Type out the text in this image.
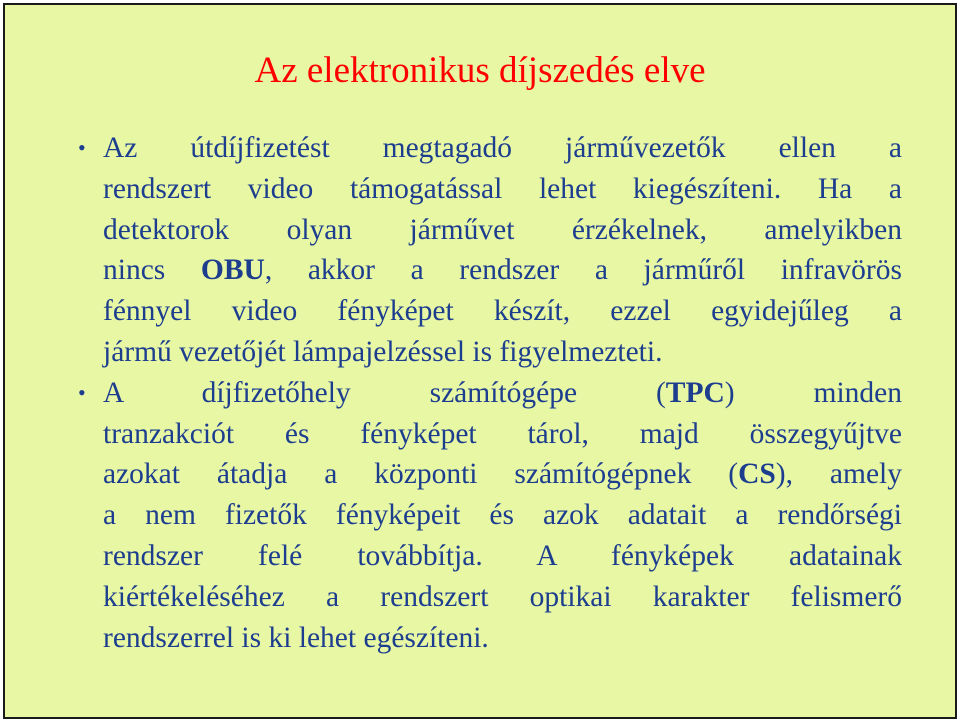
Az elektronikus díjszedés elve
• Az útdíjfizetést megtagadó járművezetők ellen a
rendszert video támogatással lehet kiegészíteni. Ha a
detektorok olyan járművet érzékelnek, amelyikben
nincs OBU, akkor a rendszer a járműről infravörös
fénnyel video fényképet készít, ezzel egyidejűleg a
jármű vezetőjét lámpajelzéssel is figyelmezteti.

• A díjfizetőhely számítógépe (TPC) minden
tranzakciót és fényképet tárol, majd összegyűjtve
azokat átadja a központi számítógépnek (CS), amely
a nem fizetők fényképeit és azok adatait a rendőrségi
rendszer felé továbbítja. A fényképek adatainak
kiértékeléséhez a rendszert optikai karakter felismerő
rendszerrel is ki lehet egészíteni.
